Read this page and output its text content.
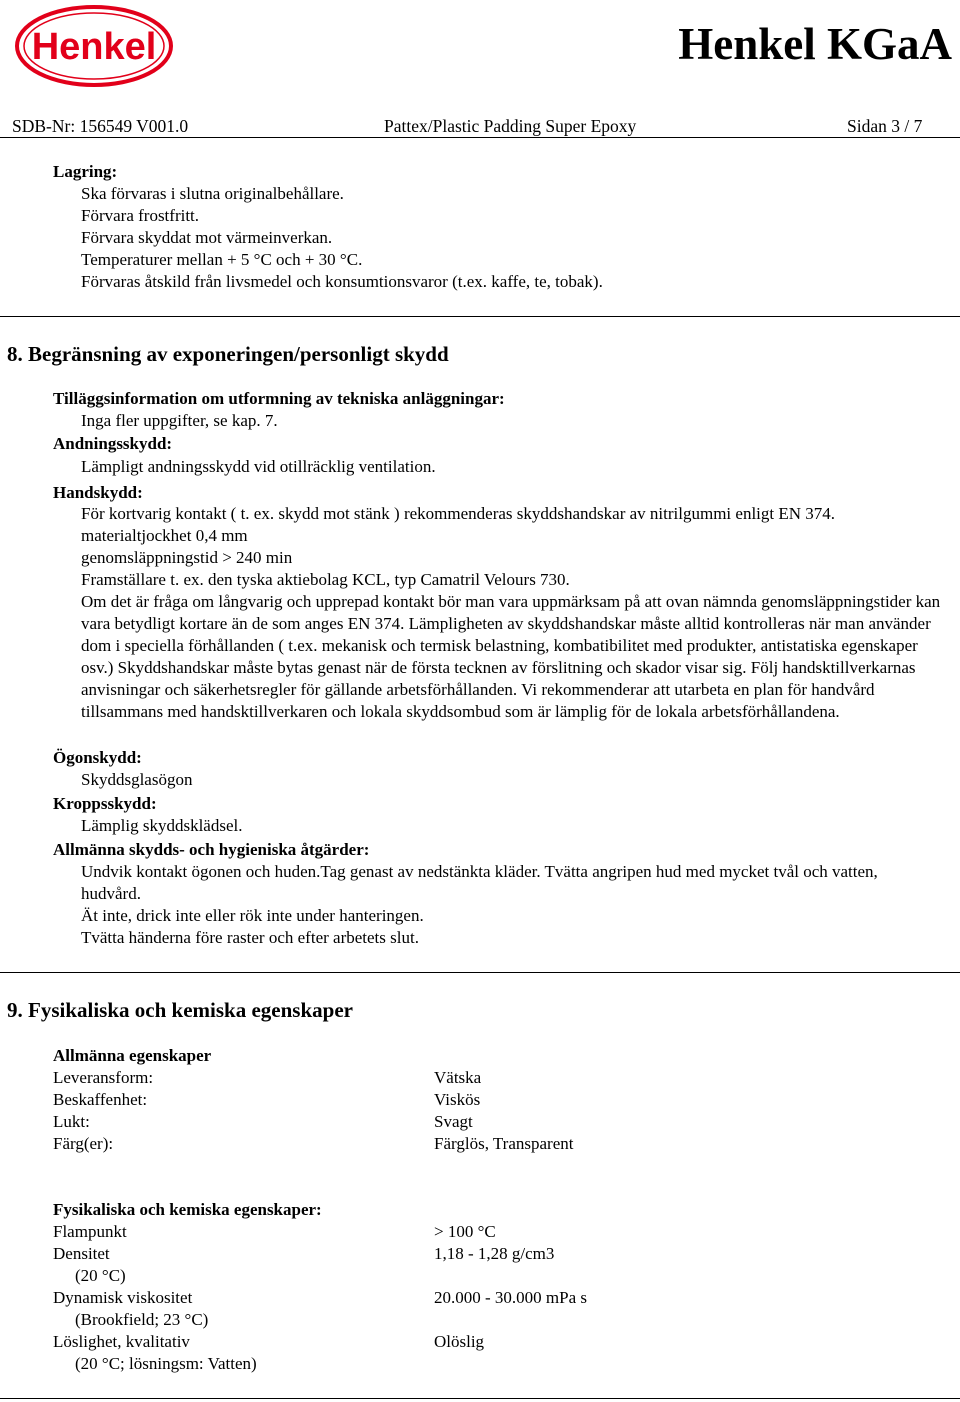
Henkel	Henkel KGaA
SDB-Nr: 156549 V001.0	Pattex/Plastic Padding Super Epoxy	Sidan 3 / 7
Lagring:
Ska förvaras i slutna originalbehållare.
Förvara frostfritt.
Förvara skyddat mot värmeinverkan.
Temperaturer mellan + 5 °C och + 30 °C.
Förvaras åtskild från livsmedel och konsumtionsvaror (t.ex. kaffe, te, tobak).
8. Begränsning av exponeringen/personligt skydd
Tilläggsinformation om utformning av tekniska anläggningar:
Inga fler uppgifter, se kap. 7.
Andningsskydd:
Lämpligt andningsskydd vid otillräcklig ventilation.
Handskydd:
För kortvarig kontakt ( t. ex. skydd mot stänk ) rekommenderas skyddshandskar av nitrilgummi enligt EN 374.
materialtjockhet 0,4 mm
genomsläppningstid > 240 min
Framställare t. ex. den tyska aktiebolag KCL, typ Camatril Velours 730.
Om det är fråga om långvarig och upprepad kontakt bör man vara uppmärksam på att ovan nämnda genomsläppningstider kan vara betydligt kortare än de som anges EN 374. Lämpligheten av skyddshandskar måste alltid kontrolleras när man använder dom i speciella förhållanden ( t.ex. mekanisk och termisk belastning, kombatibilitet med produkter, antistatiska egenskaper osv.) Skyddshandskar måste bytas genast när de första tecknen av förslitning och skador visar sig. Följ handsktillverkarnas anvisningar och säkerhetsregler för gällande arbetsförhållanden. Vi rekommenderar att utarbeta en plan för handvård tillsammans med handsktillverkaren och lokala skyddsombud som är lämplig för de lokala arbetsförhållandena.
Ögonskydd:
Skyddsglasögon
Kroppsskydd:
Lämplig skyddsklädsel.
Allmänna skydds- och hygieniska åtgärder:
Undvik kontakt ögonen och huden.Tag genast av nedstänkta kläder. Tvätta angripen hud med mycket tvål och vatten, hudvård.
Ät inte, drick inte eller rök inte under hanteringen.
Tvätta händerna före raster och efter arbetets slut.
9. Fysikaliska och kemiska egenskaper
Allmänna egenskaper
Leveransform:	Vätska
Beskaffenhet:	Viskös
Lukt:	Svagt
Färg(er):	Färglös, Transparent
Fysikaliska och kemiska egenskaper:
Flampunkt	> 100 °C
Densitet	1,18 - 1,28 g/cm3
(20 °C)
Dynamisk viskositet	20.000 - 30.000 mPa s
(Brookfield; 23 °C)
Löslighet, kvalitativ	Olöslig
(20 °C; lösningsm: Vatten)
